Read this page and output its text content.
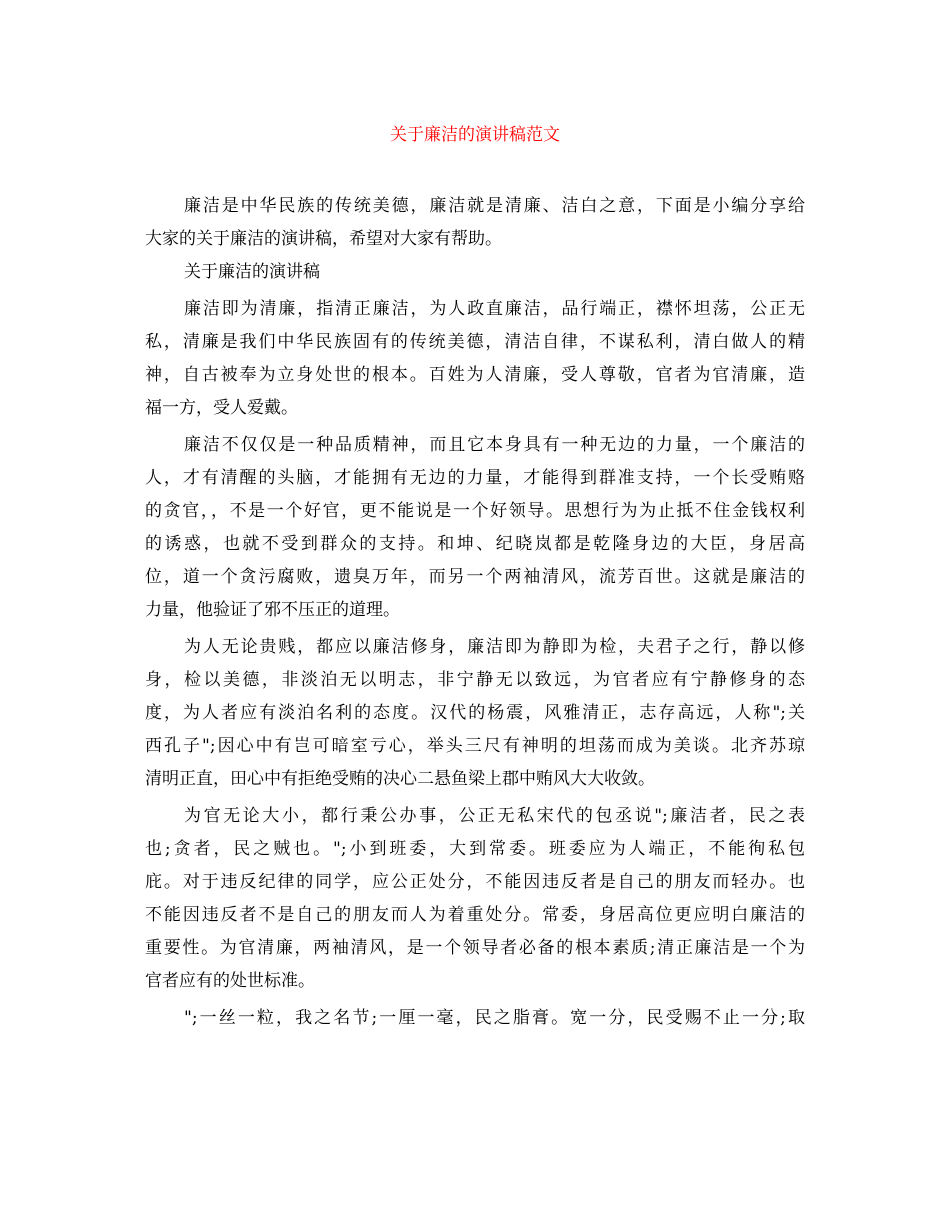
关于廉洁的演讲稿范文
廉洁是中华民族的传统美德，廉洁就是清廉、洁白之意，下面是小编分享给
大家的关于廉洁的演讲稿，希望对大家有帮助。
关于廉洁的演讲稿
廉洁即为清廉，指清正廉洁，为人政直廉洁，品行端正，襟怀坦荡，公正无
私，清廉是我们中华民族固有的传统美德，清洁自律，不谋私利，清白做人的精
神，自古被奉为立身处世的根本。百姓为人清廉，受人尊敬，官者为官清廉，造
福一方，受人爱戴。
廉洁不仅仅是一种品质精神，而且它本身具有一种无边的力量，一个廉洁的
人，才有清醒的头脑，才能拥有无边的力量，才能得到群准支持，一个长受贿赂
的贪官，，不是一个好官，更不能说是一个好领导。思想行为为止抵不住金钱权利
的诱惑，也就不受到群众的支持。和坤、纪晓岚都是乾隆身边的大臣，身居高
位，道一个贪污腐败，遗臭万年，而另一个两袖清风，流芳百世。这就是廉洁的
力量，他验证了邪不压正的道理。
为人无论贵贱，都应以廉洁修身，廉洁即为静即为检，夫君子之行，静以修
身，检以美德，非淡泊无以明志，非宁静无以致远，为官者应有宁静修身的态
度，为人者应有淡泊名利的态度。汉代的杨震，风雅清正，志存高远，人称";关
西孔子";因心中有岂可暗室亏心，举头三尺有神明的坦荡而成为美谈。北齐苏琼
清明正直，田心中有拒绝受贿的决心二悬鱼梁上郡中贿风大大收敛。
为官无论大小，都行秉公办事，公正无私宋代的包丞说";廉洁者，民之表
也;贪者，民之贼也。";小到班委，大到常委。班委应为人端正，不能徇私包
庇。对于违反纪律的同学，应公正处分，不能因违反者是自己的朋友而轻办。也
不能因违反者不是自己的朋友而人为着重处分。常委，身居高位更应明白廉洁的
重要性。为官清廉，两袖清风，是一个领导者必备的根本素质;清正廉洁是一个为
官者应有的处世标准。
";一丝一粒，我之名节;一厘一毫，民之脂膏。宽一分，民受赐不止一分;取
